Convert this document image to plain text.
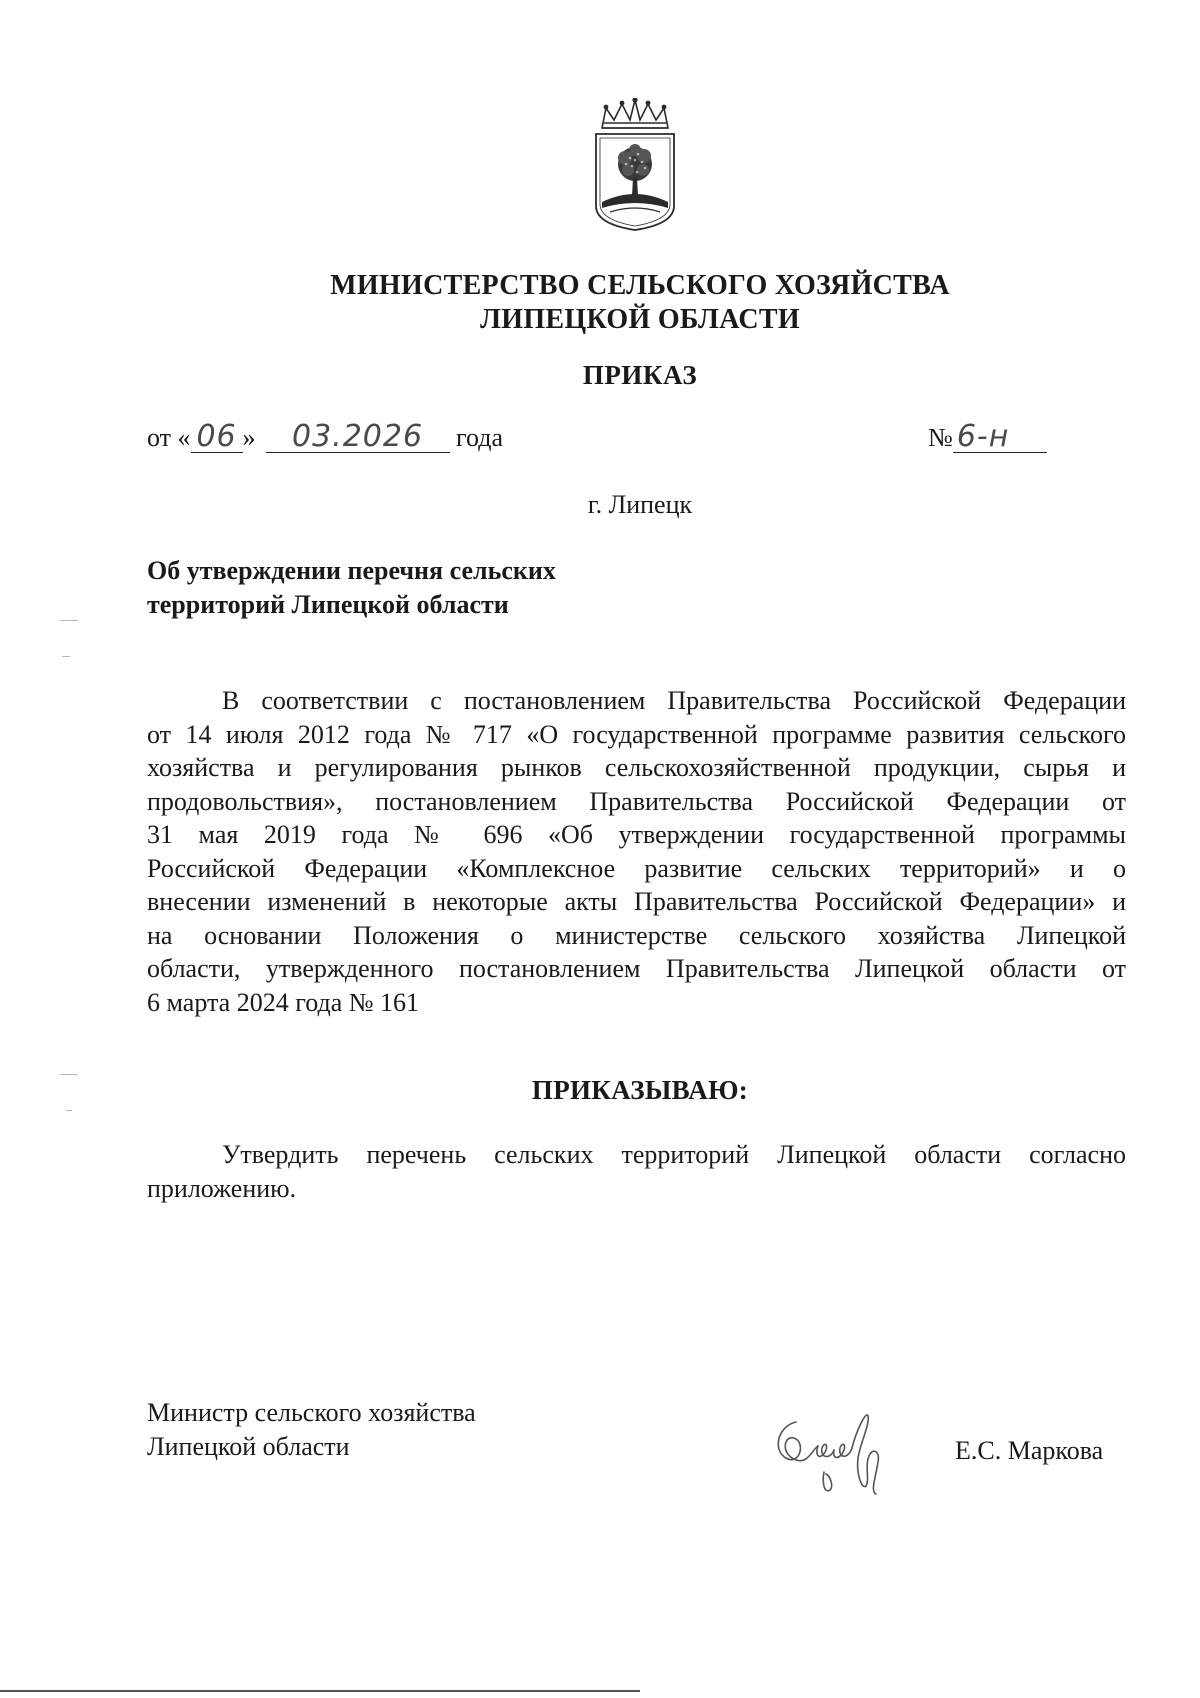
МИНИСТЕРСТВО СЕЛЬСКОГО ХОЗЯЙСТВА
ЛИПЕЦКОЙ ОБЛАСТИ
ПРИКАЗ
от « 06 » 03.2026 года	№ 6-н
г. Липецк
Об утверждении перечня сельских
территорий Липецкой области
В соответствии с постановлением Правительства Российской Федерации
от 14 июля 2012 года № 717 «О государственной программе развития сельского
хозяйства и регулирования рынков сельскохозяйственной продукции, сырья и
продовольствия», постановлением Правительства Российской Федерации от
31 мая 2019 года № 696 «Об утверждении государственной программы
Российской Федерации «Комплексное развитие сельских территорий» и о
внесении изменений в некоторые акты Правительства Российской Федерации» и
на основании Положения о министерстве сельского хозяйства Липецкой
области, утвержденного постановлением Правительства Липецкой области от
6 марта 2024 года № 161
ПРИКАЗЫВАЮ:
Утвердить перечень сельских территорий Липецкой области согласно
приложению.
Министр сельского хозяйства
Липецкой области	Е.С. Маркова
